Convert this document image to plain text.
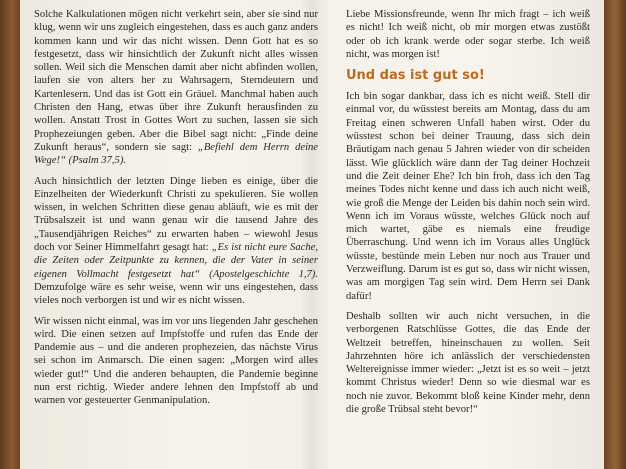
Solche Kalkulationen mögen nicht verkehrt sein, aber sie sind nur klug, wenn wir uns zugleich eingestehen, dass es auch ganz anders kommen kann und wir das nicht wissen. Denn Gott hat es so festgesetzt, dass wir hinsichtlich der Zukunft nicht alles wissen sollen. Weil sich die Menschen damit aber nicht abfinden wollen, laufen sie von alters her zu Wahrsagern, Sterndeutern und Kartenlesern. Und das ist Gott ein Gräuel. Manchmal haben auch Christen den Hang, etwas über ihre Zukunft herausfinden zu wollen. Anstatt Trost in Gottes Wort zu suchen, lassen sie sich Prophezeiungen geben. Aber die Bibel sagt nicht: „Finde deine Zukunft heraus“, sondern sie sagt: „Befiehl dem Herrn deine Wege!“ (Psalm 37,5).

Auch hinsichtlich der letzten Dinge lieben es einige, über die Einzelheiten der Wiederkunft Christi zu spekulieren. Sie wollen wissen, in welchen Schritten diese genau abläuft, wie es mit der Trübsalszeit ist und wann genau wir die tausend Jahre des „Tausendjährigen Reiches“ zu erwarten haben – wiewohl Jesus doch vor Seiner Himmelfahrt gesagt hat: „Es ist nicht eure Sache, die Zeiten oder Zeitpunkte zu kennen, die der Vater in seiner eigenen Vollmacht festgesetzt hat“ (Apostelgeschichte 1,7). Demzufolge wäre es sehr weise, wenn wir uns eingestehen, dass vieles noch verborgen ist und wir es nicht wissen.

Wir wissen nicht einmal, was im vor uns liegenden Jahr geschehen wird. Die einen setzen auf Impfstoffe und rufen das Ende der Pandemie aus – und die anderen prophezeien, das nächste Virus sei schon im Anmarsch. Die einen sagen: „Morgen wird alles wieder gut!“ Und die anderen behaupten, die Pandemie beginne nun erst richtig. Wieder andere lehnen den Impfstoff ab und warnen vor gesteuerter Genmanipulation.

Liebe Missionsfreunde, wenn Ihr mich fragt – ich weiß es nicht! Ich weiß nicht, ob mir morgen etwas zustößt oder ob ich krank werde oder sogar sterbe. Ich weiß nicht, was morgen ist!

Und das ist gut so!

Ich bin sogar dankbar, dass ich es nicht weiß. Stell dir einmal vor, du wüsstest bereits am Montag, dass du am Freitag einen schweren Unfall haben wirst. Oder du wüsstest schon bei deiner Trauung, dass sich dein Bräutigam nach genau 5 Jahren wieder von dir scheiden lässt. Wie glücklich wäre dann der Tag deiner Hochzeit und die Zeit deiner Ehe? Ich bin froh, dass ich den Tag meines Todes nicht kenne und dass ich auch nicht weiß, wie groß die Menge der Leiden bis dahin noch sein wird. Wenn ich im Voraus wüsste, welches Glück noch auf mich wartet, gäbe es niemals eine freudige Überraschung. Und wenn ich im Voraus alles Unglück wüsste, bestünde mein Leben nur noch aus Trauer und Verzweiflung. Darum ist es gut so, dass wir nicht wissen, was am morgigen Tag sein wird. Dem Herrn sei Dank dafür!

Deshalb sollten wir auch nicht versuchen, in die verborgenen Ratschlüsse Gottes, die das Ende der Weltzeit betreffen, hineinschauen zu wollen. Seit Jahrzehnten höre ich anlässlich der verschiedensten Weltereignisse immer wieder: „Jetzt ist es so weit – jetzt kommt Christus wieder! Denn so wie diesmal war es noch nie zuvor. Bekommt bloß keine Kinder mehr, denn die große Trübsal steht bevor!“
